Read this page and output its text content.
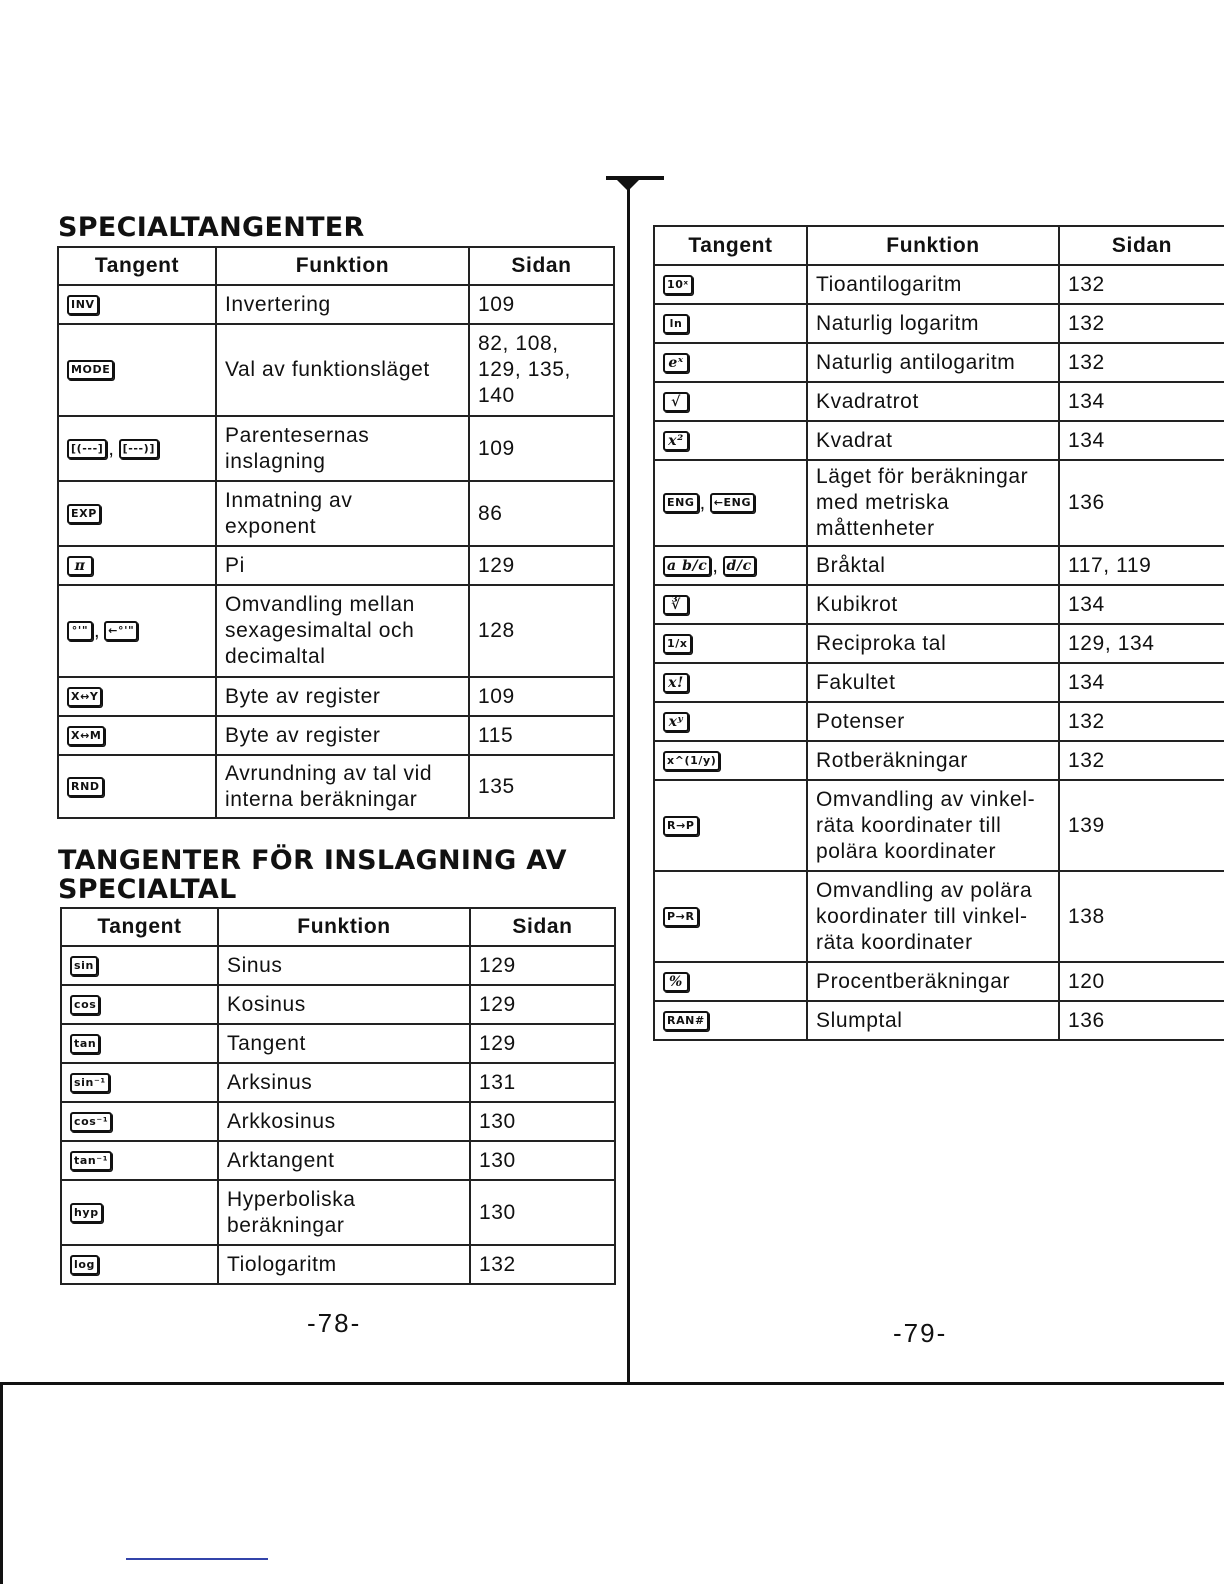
SPECIALTANGENTER
Tangent	Funktion	Sidan
INV	Invertering	109
MODE	Val av funktionsläget	82, 108,
129, 135,
140
[(---] , [---)]	Parentesernas
inslagning	109
EXP	Inmatning av
exponent	86
π	Pi	129
°'" , ←°'"	Omvandling mellan
sexagesimaltal och
decimaltal	128
X↔Y	Byte av register	109
X↔M	Byte av register	115
RND	Avrundning av tal vid
interna beräkningar	135
TANGENTER FÖR INSLAGNING AV
SPECIALTAL
Tangent	Funktion	Sidan
sin	Sinus	129
cos	Kosinus	129
tan	Tangent	129
sin⁻¹	Arksinus	131
cos⁻¹	Arkkosinus	130
tan⁻¹	Arktangent	130
hyp	Hyperboliska
beräkningar	130
log	Tiologaritm	132
-78-
Tangent	Funktion	Sidan
10ˣ	Tioantilogaritm	132
ln	Naturlig logaritm	132
eˣ	Naturlig antilogaritm	132
√	Kvadratrot	134
x²	Kvadrat	134
ENG , ←ENG	Läget för beräkningar
med metriska
måttenheter	136
a b/c , d/c	Bråktal	117, 119
∛	Kubikrot	134
1/x	Reciproka tal	129, 134
x!	Fakultet	134
xʸ	Potenser	132
x^(1/y)	Rotberäkningar	132
R→P	Omvandling av vinkel-
räta koordinater till
polära koordinater	139
P→R	Omvandling av polära
koordinater till vinkel-
räta koordinater	138
%	Procentberäkningar	120
RAN#	Slumptal	136
-79-
